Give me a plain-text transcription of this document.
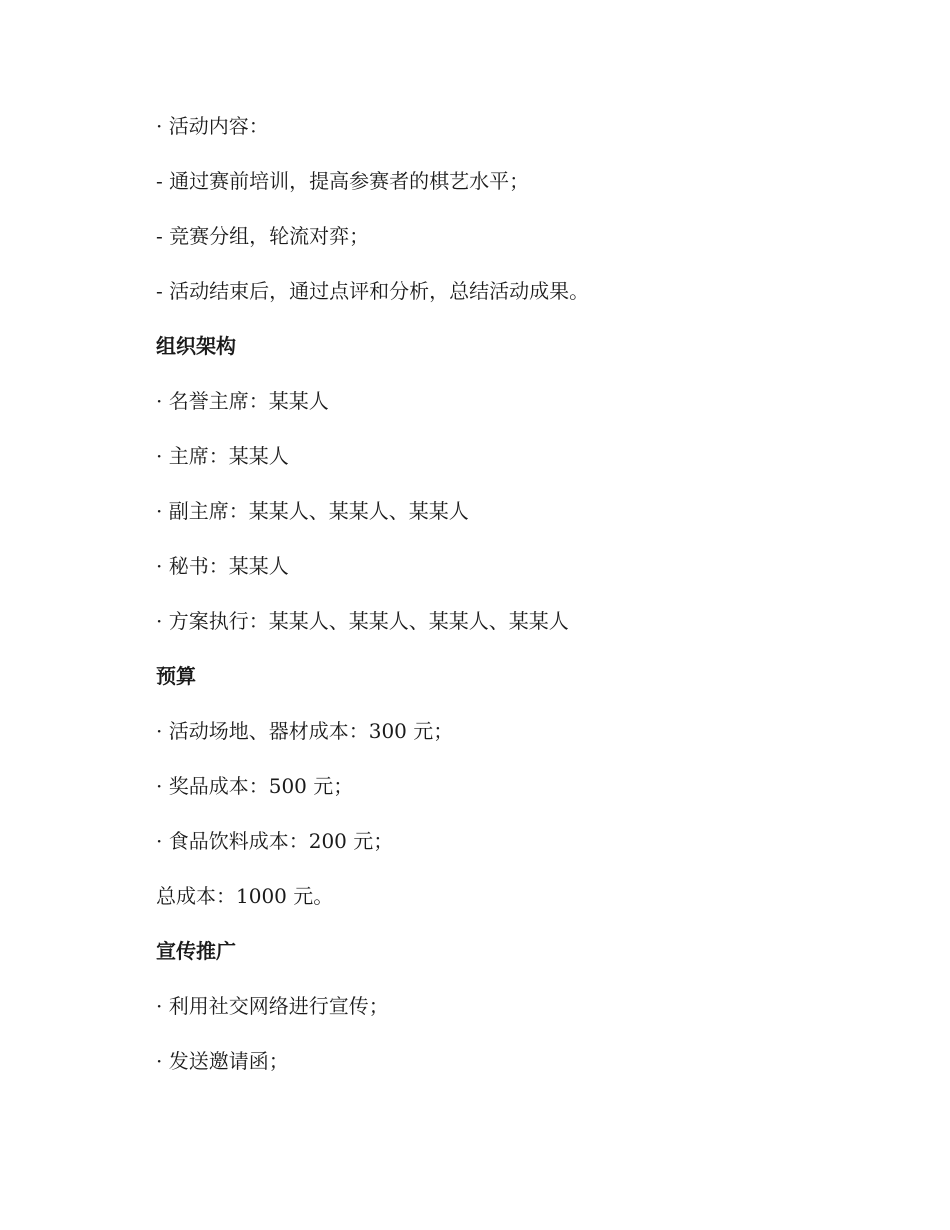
· 活动内容：
- 通过赛前培训，提高参赛者的棋艺水平；
- 竞赛分组，轮流对弈；
- 活动结束后，通过点评和分析，总结活动成果。
组织架构
· 名誉主席：某某人
· 主席：某某人
· 副主席：某某人、某某人、某某人
· 秘书：某某人
· 方案执行：某某人、某某人、某某人、某某人
预算
· 活动场地、器材成本：300 元；
· 奖品成本：500 元；
· 食品饮料成本：200 元；
总成本：1000 元。
宣传推广
· 利用社交网络进行宣传；
· 发送邀请函；
